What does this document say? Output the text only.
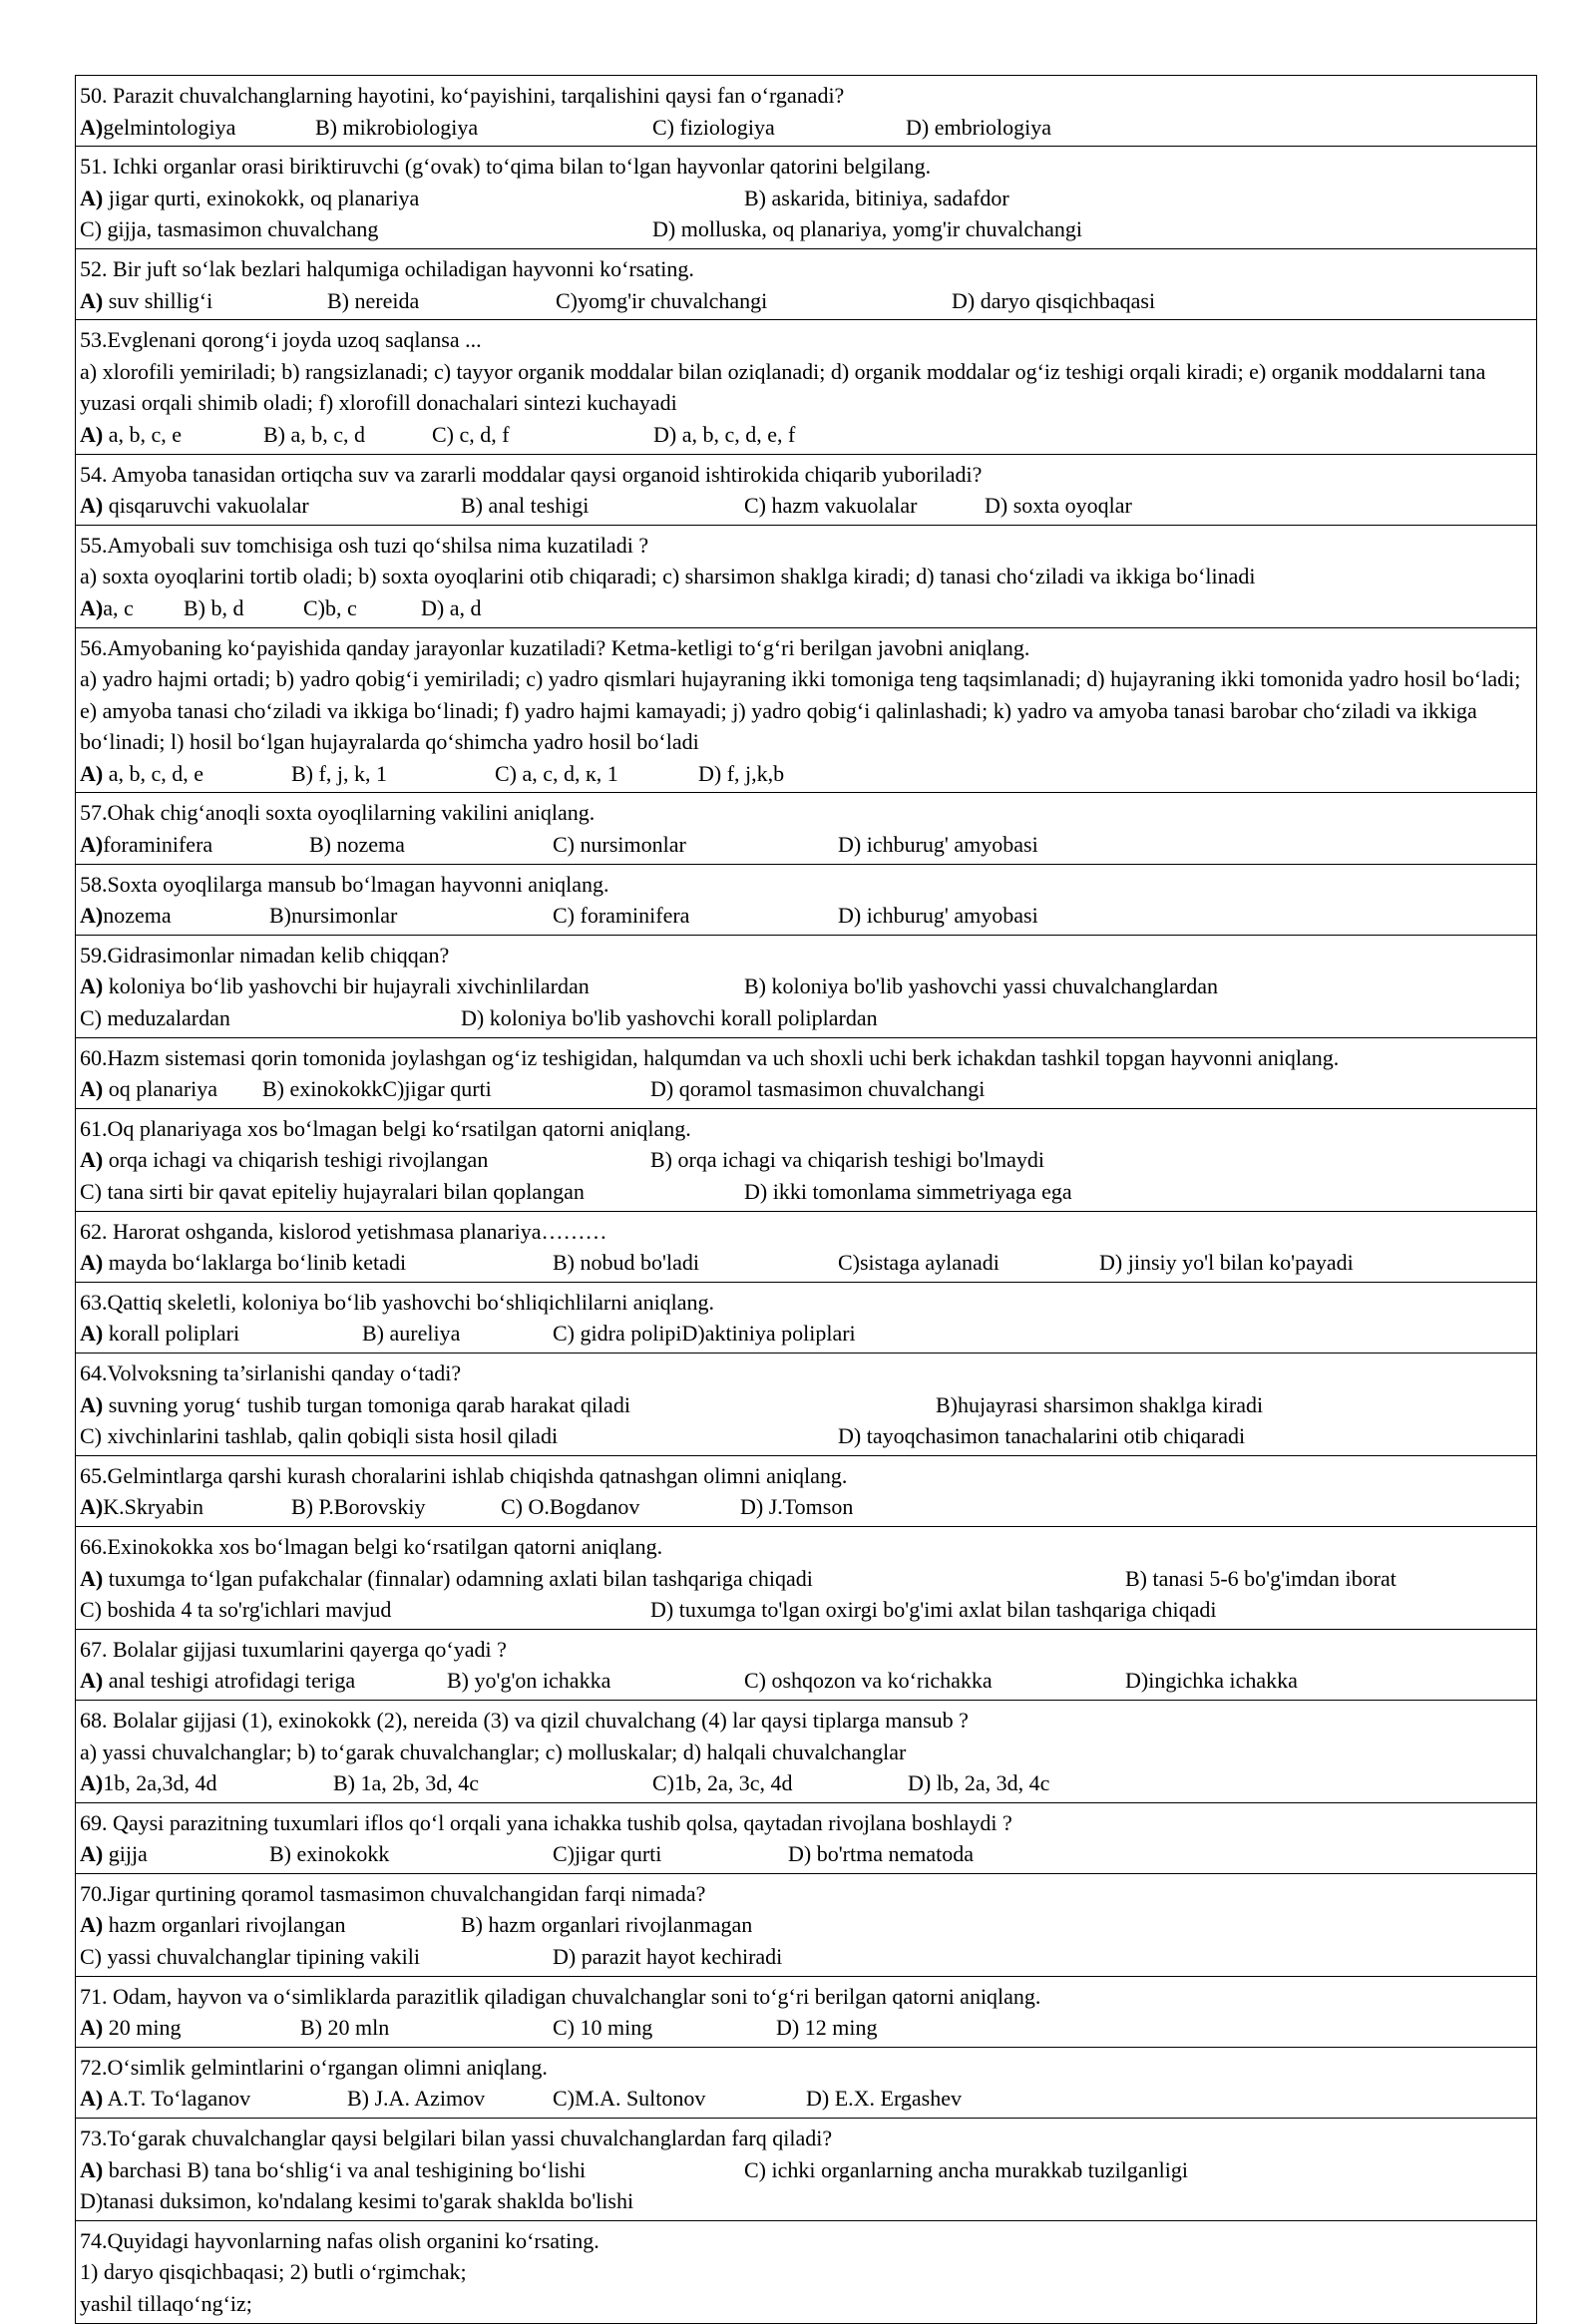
50. Parazit chuvalchanglarning hayotini, ko‘payishini, tarqalishini qaysi fan o‘rganadi?
A)gelmintologiya	B) mikrobiologiya	C) fiziologiya	D) embriologiya
51. Ichki organlar orasi biriktiruvchi (g‘ovak) to‘qima bilan to‘lgan hayvonlar qatorini belgilang.
A) jigar qurti, exinokokk, oq planariya	B) askarida, bitiniya, sadafdor
C) gijja, tasmasimon chuvalchang	D) molluska, oq planariya, yomg'ir chuvalchangi
52. Bir juft so‘lak bezlari halqumiga ochiladigan hayvonni ko‘rsating.
A) suv shillig‘i	B) nereida	C)yomg'ir chuvalchangi	D) daryo qisqichbaqasi
53.Evglenani qorong‘i joyda uzoq saqlansa ...
a) xlorofili yemiriladi; b) rangsizlanadi; c) tayyor organik moddalar bilan oziqlanadi; d) organik moddalar og‘iz teshigi orqali kiradi; e) organik moddalarni tana yuzasi orqali shimib oladi; f) xlorofill donachalari sintezi kuchayadi
A) a, b, c, e	B) a, b, c, d	C) c, d, f	D) a, b, c, d, e, f
54. Amyoba tanasidan ortiqcha suv va zararli moddalar qaysi organoid ishtirokida chiqarib yuboriladi?
A) qisqaruvchi vakuolalar	B) anal teshigi	C) hazm vakuolalar	D) soxta oyoqlar
55.Amyobali suv tomchisiga osh tuzi qo‘shilsa nima kuzatiladi ?
a) soxta oyoqlarini tortib oladi; b) soxta oyoqlarini otib chiqaradi; c) sharsimon shaklga kiradi; d) tanasi cho‘ziladi va ikkiga bo‘linadi
A)a, c B) b, d	C)b, c	D) a, d
56.Amyobaning ko‘payishida qanday jarayonlar kuzatiladi? Ketma-ketligi to‘g‘ri berilgan javobni aniqlang.
a) yadro hajmi ortadi; b) yadro qobig‘i yemiriladi; c) yadro qismlari hujayraning ikki tomoniga teng taqsimlanadi; d) hujayraning ikki tomonida yadro hosil bo‘ladi; e) amyoba tanasi cho‘ziladi va ikkiga bo‘linadi; f) yadro hajmi kamayadi; j) yadro qobig‘i qalinlashadi; k) yadro va amyoba tanasi barobar cho‘ziladi va ikkiga bo‘linadi; l) hosil bo‘lgan hujayralarda qo‘shimcha yadro hosil bo‘ladi
A) a, b, c, d, e	B) f, j, k, 1	C) a, c, d, к, 1	D) f, j,k,b
57.Ohak chig‘anoqli soxta oyoqlilarning vakilini aniqlang.
A)foraminifera	B) nozema	C) nursimonlar	D) ichburug' amyobasi
58.Soxta oyoqlilarga mansub bo‘lmagan hayvonni aniqlang.
A)nozema	B)nursimonlar	C) foraminifera	D) ichburug' amyobasi
59.Gidrasimonlar nimadan kelib chiqqan?
A) koloniya bo‘lib yashovchi bir hujayrali xivchinlilardan	B) koloniya bo'lib yashovchi yassi chuvalchanglardan
C) meduzalardan	D) koloniya bo'lib yashovchi korall poliplardan
60.Hazm sistemasi qorin tomonida joylashgan og‘iz teshigidan, halqumdan va uch shoxli uchi berk ichakdan tashkil topgan hayvonni aniqlang.
A) oq planariya B) exinokokkC)jigar qurti	D) qoramol tasmasimon chuvalchangi
61.Oq planariyaga xos bo‘lmagan belgi ko‘rsatilgan qatorni aniqlang.
A) orqa ichagi va chiqarish teshigi rivojlangan	B) orqa ichagi va chiqarish teshigi bo'lmaydi
C) tana sirti bir qavat epiteliy hujayralari bilan qoplangan	D) ikki tomonlama simmetriyaga ega
62. Harorat oshganda, kislorod yetishmasa planariya………
A) mayda bo‘laklarga bo‘linib ketadi	B) nobud bo'ladi	C)sistaga aylanadi	D) jinsiy yo'l bilan ko'payadi
63.Qattiq skeletli, koloniya bo‘lib yashovchi bo‘shliqichlilarni aniqlang.
A) korall poliplari	B) aureliya	C) gidra polipiD)aktiniya poliplari
64.Volvoksning ta’sirlanishi qanday o‘tadi?
A) suvning yorug‘ tushib turgan tomoniga qarab harakat qiladi	B)hujayrasi sharsimon shaklga kiradi
C) xivchinlarini tashlab, qalin qobiqli sista hosil qiladi	D) tayoqchasimon tanachalarini otib chiqaradi
65.Gelmintlarga qarshi kurash choralarini ishlab chiqishda qatnashgan olimni aniqlang.
A)K.Skryabin	B) P.Borovskiy	C) O.Bogdanov	D) J.Tomson
66.Exinokokka xos bo‘lmagan belgi ko‘rsatilgan qatorni aniqlang.
A) tuxumga to‘lgan pufakchalar (finnalar) odamning axlati bilan tashqariga chiqadi	B) tanasi 5-6 bo'g'imdan iborat
C) boshida 4 ta so'rg'ichlari mavjud	D) tuxumga to'lgan oxirgi bo'g'imi axlat bilan tashqariga chiqadi
67. Bolalar gijjasi tuxumlarini qayerga qo‘yadi ?
A) anal teshigi atrofidagi teriga	B) yo'g'on ichakka	C) oshqozon va ko‘richakka	D)ingichka ichakka
68. Bolalar gijjasi (1), exinokokk (2), nereida (3) va qizil chuvalchang (4) lar qaysi tiplarga mansub ?
a) yassi chuvalchanglar; b) to‘garak chuvalchanglar; c) molluskalar; d) halqali chuvalchanglar
A)1b, 2a,3d, 4d	B) 1a, 2b, 3d, 4c	C)1b, 2a, 3c, 4d	D) lb, 2a, 3d, 4c
69. Qaysi parazitning tuxumlari iflos qo‘l orqali yana ichakka tushib qolsa, qaytadan rivojlana boshlaydi ?
A) gijja	B) exinokokk	C)jigar qurti	D) bo'rtma nematoda
70.Jigar qurtining qoramol tasmasimon chuvalchangidan farqi nimada?
A) hazm organlari rivojlangan	B) hazm organlari rivojlanmagan
C) yassi chuvalchanglar tipining vakili	D) parazit hayot kechiradi
71. Odam, hayvon va o‘simliklarda parazitlik qiladigan chuvalchanglar soni to‘g‘ri berilgan qatorni aniqlang.
A) 20 ming	B) 20 mln	C) 10 ming	D) 12 ming
72.O‘simlik gelmintlarini o‘rgangan olimni aniqlang.
A) A.T. To‘laganov	B) J.A. Azimov	C)M.A. Sultonov	D) E.X. Ergashev
73.To‘garak chuvalchanglar qaysi belgilari bilan yassi chuvalchanglardan farq qiladi?
A) barchasi B) tana bo‘shlig‘i va anal teshigining bo‘lishi	C) ichki organlarning ancha murakkab tuzilganligi
D)tanasi duksimon, ko'ndalang kesimi to'garak shaklda bo'lishi
74.Quyidagi hayvonlarning nafas olish organini ko‘rsating.
1) daryo qisqichbaqasi; 2) butli o‘rgimchak;
yashil tillaqo‘ng‘iz;
